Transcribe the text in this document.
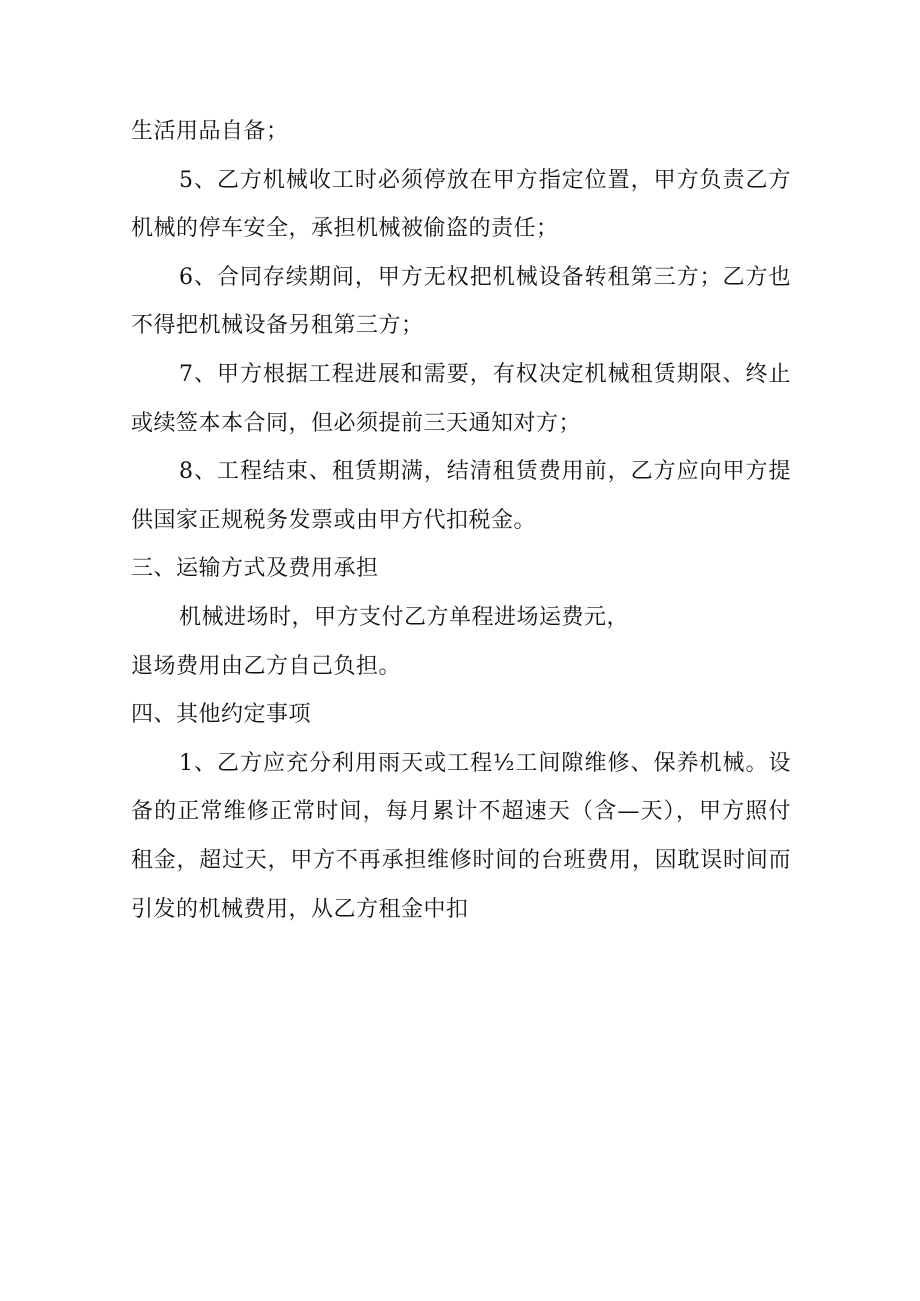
生活用品自备；

5、乙方机械收工时必须停放在甲方指定位置，甲方负责乙方机械的停车安全，承担机械被偷盗的责任；

6、合同存续期间，甲方无权把机械设备转租第三方；乙方也不得把机械设备另租第三方；

7、甲方根据工程进展和需要，有权决定机械租赁期限、终止或续签本本合同，但必须提前三天通知对方；

8、工程结束、租赁期满，结清租赁费用前，乙方应向甲方提供国家正规税务发票或由甲方代扣税金。

三、运输方式及费用承担

机械进场时，甲方支付乙方单程进场运费元，

退场费用由乙方自己负担。

四、其他约定事项

1、乙方应充分利用雨天或工程½工间隙维修、保养机械。设备的正常维修正常时间，每月累计不超速天（含—天），甲方照付租金，超过天，甲方不再承担维修时间的台班费用，因耽误时间而引发的机械费用，从乙方租金中扣
